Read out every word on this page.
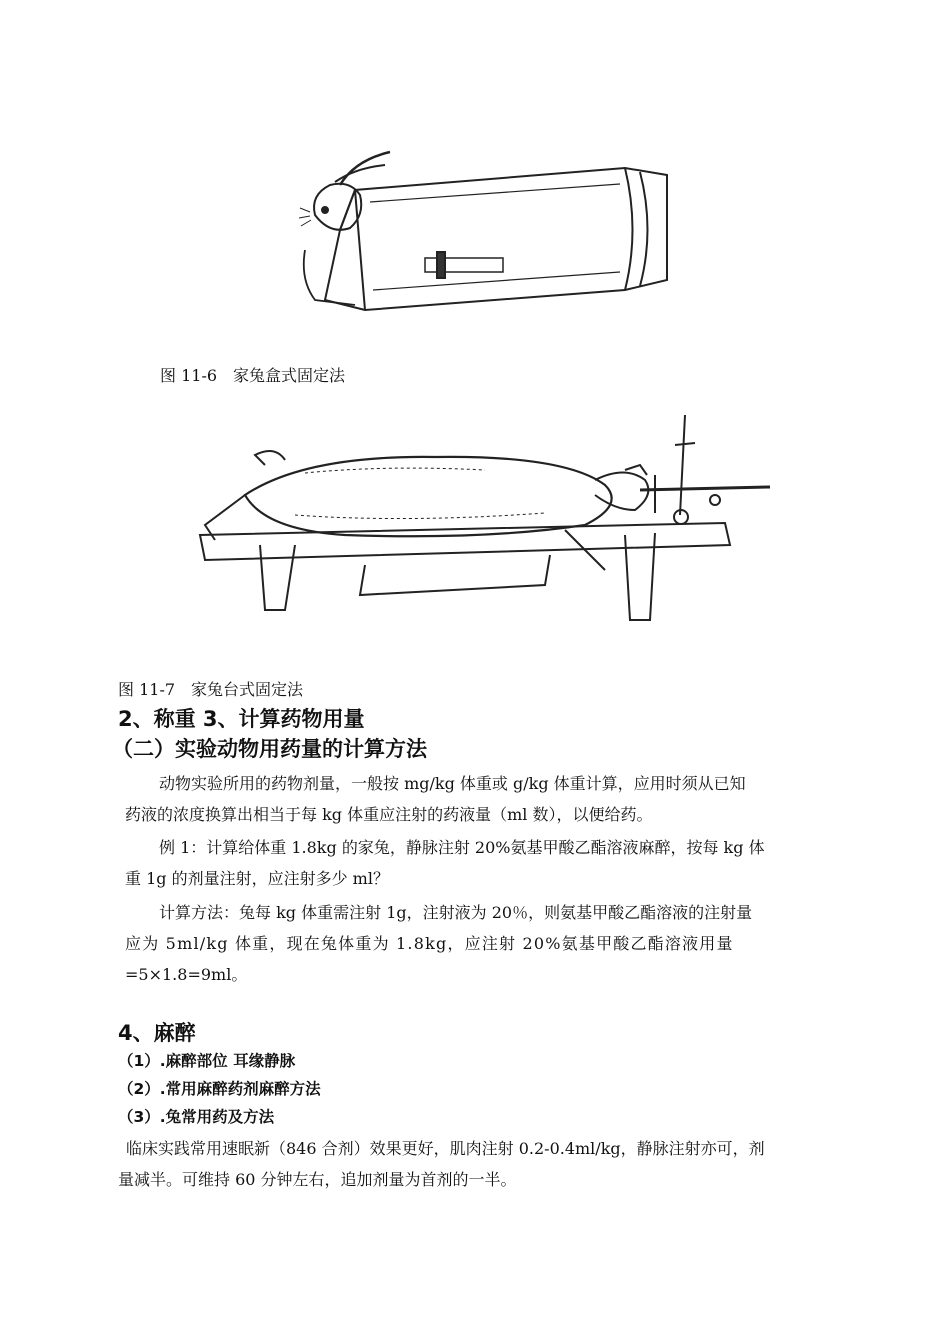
图 11-6　家兔盒式固定法
图 11-7　家兔台式固定法
2、称重 3、计算药物用量
（二）实验动物用药量的计算方法
动物实验所用的药物剂量，一般按 mg/kg 体重或 g/kg 体重计算，应用时须从已知
药液的浓度换算出相当于每 kg 体重应注射的药液量（ml 数），以便给药。
例 1：计算给体重 1.8kg 的家兔，静脉注射 20%氨基甲酸乙酯溶液麻醉，按每 kg 体
重 1g 的剂量注射，应注射多少 ml？
计算方法：兔每 kg 体重需注射 1g，注射液为 20％，则氨基甲酸乙酯溶液的注射量
应为 5ml/kg 体重，现在兔体重为 1.8kg，应注射 20%氨基甲酸乙酯溶液用量
=5×1.8=9ml。
4、麻醉
（1）.麻醉部位 耳缘静脉
（2）.常用麻醉药剂麻醉方法
（3）.兔常用药及方法
临床实践常用速眠新（846 合剂）效果更好，肌肉注射 0.2-0.4ml/kg，静脉注射亦可，剂
量减半。可维持 60 分钟左右，追加剂量为首剂的一半。
